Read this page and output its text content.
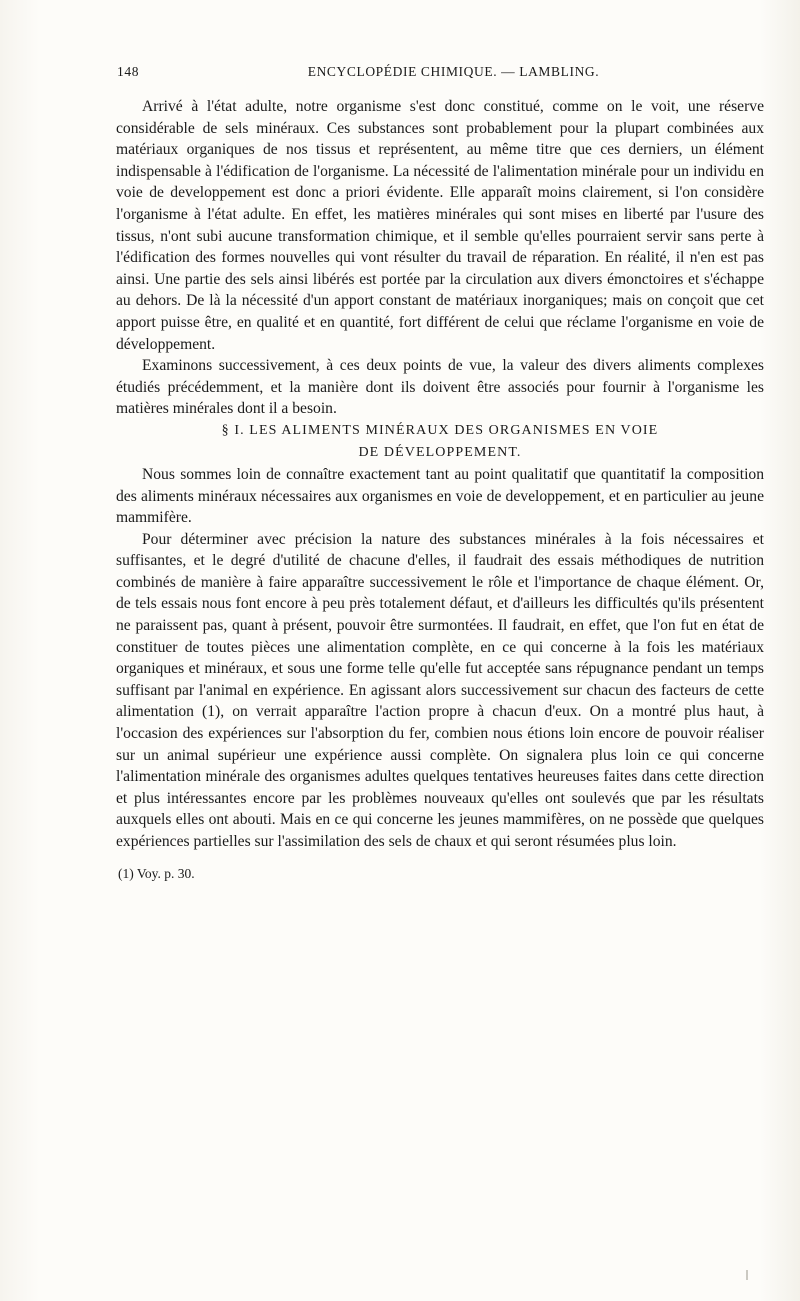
148	ENCYCLOPÉDIE CHIMIQUE. — LAMBLING.

Arrivé à l'état adulte, notre organisme s'est donc constitué, comme on le voit, une réserve considérable de sels minéraux. Ces substances sont probablement pour la plupart combinées aux matériaux organiques de nos tissus et représentent, au même titre que ces derniers, un élément indispensable à l'édification de l'organisme. La nécessité de l'alimentation minérale pour un individu en voie de developpement est donc a priori évidente. Elle apparaît moins clairement, si l'on considère l'organisme à l'état adulte. En effet, les matières minérales qui sont mises en liberté par l'usure des tissus, n'ont subi aucune transformation chimique, et il semble qu'elles pourraient servir sans perte à l'édification des formes nouvelles qui vont résulter du travail de réparation. En réalité, il n'en est pas ainsi. Une partie des sels ainsi libérés est portée par la circulation aux divers émonctoires et s'échappe au dehors. De là la nécessité d'un apport constant de matériaux inorganiques; mais on conçoit que cet apport puisse être, en qualité et en quantité, fort différent de celui que réclame l'organisme en voie de développement.

Examinons successivement, à ces deux points de vue, la valeur des divers aliments complexes étudiés précédemment, et la manière dont ils doivent être associés pour fournir à l'organisme les matières minérales dont il a besoin.

§ I. LES ALIMENTS MINÉRAUX DES ORGANISMES EN VOIE
DE DÉVELOPPEMENT.

Nous sommes loin de connaître exactement tant au point qualitatif que quantitatif la composition des aliments minéraux nécessaires aux organismes en voie de developpement, et en particulier au jeune mammifère.

Pour déterminer avec précision la nature des substances minérales à la fois nécessaires et suffisantes, et le degré d'utilité de chacune d'elles, il faudrait des essais méthodiques de nutrition combinés de manière à faire apparaître successivement le rôle et l'importance de chaque élément. Or, de tels essais nous font encore à peu près totalement défaut, et d'ailleurs les difficultés qu'ils présentent ne paraissent pas, quant à présent, pouvoir être surmontées. Il faudrait, en effet, que l'on fut en état de constituer de toutes pièces une alimentation complète, en ce qui concerne à la fois les matériaux organiques et minéraux, et sous une forme telle qu'elle fut acceptée sans répugnance pendant un temps suffisant par l'animal en expérience. En agissant alors successivement sur chacun des facteurs de cette alimentation (1), on verrait apparaître l'action propre à chacun d'eux. On a montré plus haut, à l'occasion des expériences sur l'absorption du fer, combien nous étions loin encore de pouvoir réaliser sur un animal supérieur une expérience aussi complète. On signalera plus loin ce qui concerne l'alimentation minérale des organismes adultes quelques tentatives heureuses faites dans cette direction et plus intéressantes encore par les problèmes nouveaux qu'elles ont soulevés que par les résultats auxquels elles ont abouti. Mais en ce qui concerne les jeunes mammifères, on ne possède que quelques expériences partielles sur l'assimilation des sels de chaux et qui seront résumées plus loin.

(1) Voy. p. 30.
